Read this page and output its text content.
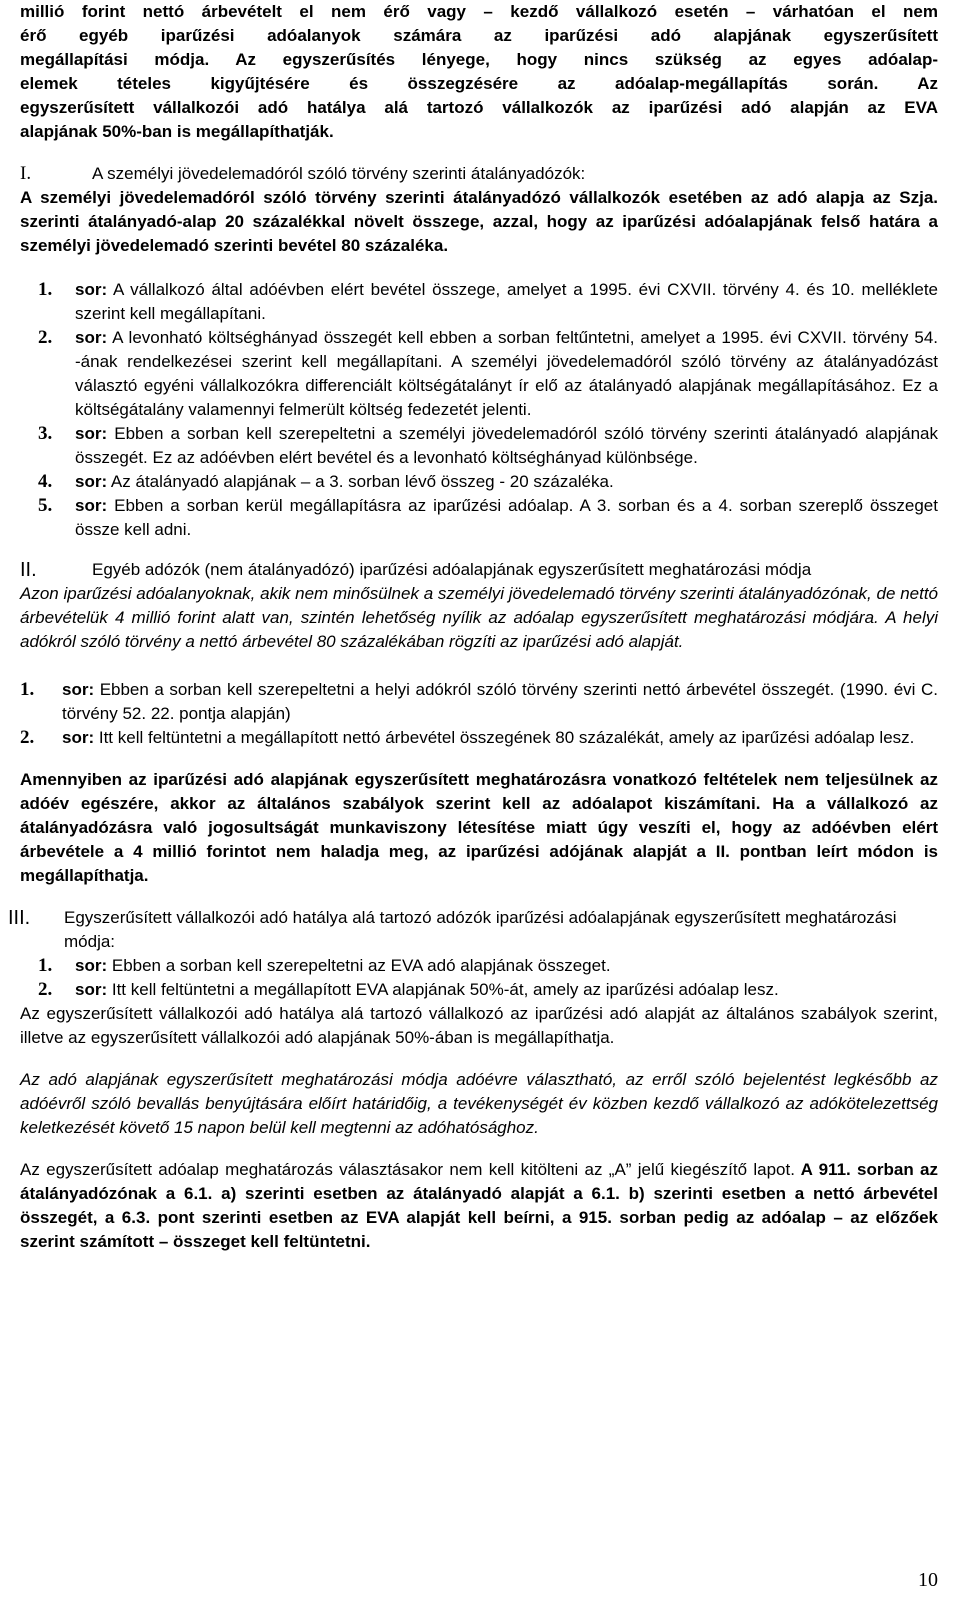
millió forint nettó árbevételt el nem érő vagy – kezdő vállalkozó esetén – várhatóan el nem

érő egyéb iparűzési adóalanyok számára az iparűzési adó alapjának egyszerűsített

megállapítási módja. Az egyszerűsítés lényege, hogy nincs szükség az egyes adóalap-

elemek tételes kigyűjtésére és összegzésére az adóalap-megállapítás során. Az

egyszerűsített vállalkozói adó hatálya alá tartozó vállalkozók az iparűzési adó alapján az EVA

alapjának 50%-ban is megállapíthatják.

I.	A személyi jövedelemadóról szóló törvény szerinti átalányadózók:

A személyi jövedelemadóról szóló törvény szerinti átalányadózó vállalkozók esetében az adó alapja az Szja. szerinti átalányadó-alap 20 százalékkal növelt összege, azzal, hogy az iparűzési adóalapjának felső határa a személyi jövedelemadó szerinti bevétel 80 százaléka.

1. sor: A vállalkozó által adóévben elért bevétel összege, amelyet a 1995. évi CXVII. törvény 4. és 10. melléklete szerint kell megállapítani.
2. sor: A levonható költséghányad összegét kell ebben a sorban feltűntetni, amelyet a 1995. évi CXVII. törvény 54. -ának rendelkezései szerint kell megállapítani. A személyi jövedelemadóról szóló törvény az átalányadózást választó egyéni vállalkozókra differenciált költségátalányt ír elő az átalányadó alapjának megállapításához. Ez a költségátalány valamennyi felmerült költség fedezetét jelenti.
3. sor: Ebben a sorban kell szerepeltetni a személyi jövedelemadóról szóló törvény szerinti átalányadó alapjának összegét. Ez az adóévben elért bevétel és a levonható költséghányad különbsége.
4. sor: Az átalányadó alapjának – a 3. sorban lévő összeg - 20 százaléka.
5. sor: Ebben a sorban kerül megállapításra az iparűzési adóalap. A 3. sorban és a 4. sorban szereplő összeget össze kell adni.
II.	Egyéb adózók (nem átalányadózó) iparűzési adóalapjának egyszerűsített meghatározási módja

Azon iparűzési adóalanyoknak, akik nem minősülnek a személyi jövedelemadó törvény szerinti átalányadózónak, de nettó árbevételük 4 millió forint alatt van, szintén lehetőség nyílik az adóalap egyszerűsített meghatározási módjára. A helyi adókról szóló törvény a nettó árbevétel 80 százalékában rögzíti az iparűzési adó alapját.

1. sor: Ebben a sorban kell szerepeltetni a helyi adókról szóló törvény szerinti nettó árbevétel összegét. (1990. évi C. törvény 52. 22. pontja alapján)
2. sor: Itt kell feltüntetni a megállapított nettó árbevétel összegének 80 százalékát, amely az iparűzési adóalap lesz.

Amennyiben az iparűzési adó alapjának egyszerűsített meghatározásra vonatkozó feltételek nem teljesülnek az adóév egészére, akkor az általános szabályok szerint kell az adóalapot kiszámítani. Ha a vállalkozó az átalányadózásra való jogosultságát munkaviszony létesítése miatt úgy veszíti el, hogy az adóévben elért árbevétele a 4 millió forintot nem haladja meg, az iparűzési adójának alapját a II. pontban leírt módon is megállapíthatja.

III. Egyszerűsített vállalkozói adó hatálya alá tartozó adózók iparűzési adóalapjának egyszerűsített meghatározási módja:
1. sor: Ebben a sorban kell szerepeltetni az EVA adó alapjának összeget.
2. sor: Itt kell feltüntetni a megállapított EVA alapjának 50%-át, amely az iparűzési adóalap lesz.

Az egyszerűsített vállalkozói adó hatálya alá tartozó vállalkozó az iparűzési adó alapját az általános szabályok szerint, illetve az egyszerűsített vállalkozói adó alapjának 50%-ában is megállapíthatja.

Az adó alapjának egyszerűsített meghatározási módja adóévre választható, az erről szóló bejelentést legkésőbb az adóévről szóló bevallás benyújtására előírt határidőig, a tevékenységét év közben kezdő vállalkozó az adókötelezettség keletkezését követő 15 napon belül kell megtenni az adóhatósághoz.

Az egyszerűsített adóalap meghatározás választásakor nem kell kitölteni az „A” jelű kiegészítő lapot. A 911. sorban az átalányadózónak a 6.1. a) szerinti esetben az átalányadó alapját a 6.1. b) szerinti esetben a nettó árbevétel összegét, a 6.3. pont szerinti esetben az EVA alapját kell beírni, a 915. sorban pedig az adóalap – az előzőek szerint számított – összeget kell feltüntetni.

10
